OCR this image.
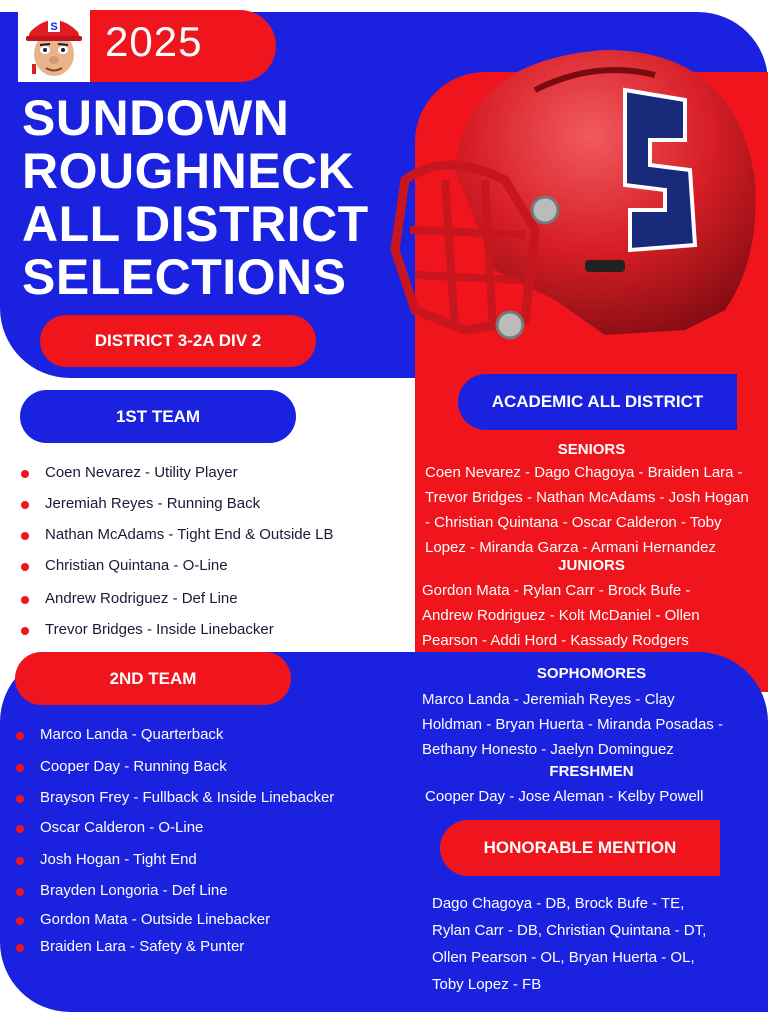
2025
S
SUNDOWN
ROUGHNECK
ALL DISTRICT
SELECTIONS
DISTRICT 3-2A DIV 2
1ST TEAM
Coen Nevarez - Utility Player
Jeremiah Reyes - Running Back
Nathan McAdams - Tight End & Outside LB
Christian Quintana - O-Line
Andrew Rodriguez - Def Line
Trevor Bridges - Inside Linebacker
ACADEMIC ALL DISTRICT
SENIORS
Coen Nevarez - Dago Chagoya - Braiden Lara -
Trevor Bridges - Nathan McAdams - Josh Hogan
- Christian Quintana - Oscar Calderon - Toby
Lopez - Miranda Garza - Armani Hernandez
JUNIORS
Gordon Mata - Rylan Carr - Brock Bufe -
Andrew Rodriguez - Kolt McDaniel - Ollen
Pearson - Addi Hord - Kassady Rodgers
SOPHOMORES
Marco Landa - Jeremiah Reyes - Clay
Holdman - Bryan Huerta - Miranda Posadas -
Bethany Honesto - Jaelyn Dominguez
FRESHMEN
Cooper Day - Jose Aleman - Kelby Powell
2ND TEAM
Marco Landa - Quarterback
Cooper Day - Running Back
Brayson Frey - Fullback & Inside Linebacker
Oscar Calderon - O-Line
Josh Hogan - Tight End
Brayden Longoria - Def Line
Gordon Mata - Outside Linebacker
Braiden Lara - Safety & Punter
HONORABLE MENTION
Dago Chagoya - DB, Brock Bufe - TE,
Rylan Carr - DB, Christian Quintana - DT,
Ollen Pearson - OL, Bryan Huerta - OL,
Toby Lopez - FB
